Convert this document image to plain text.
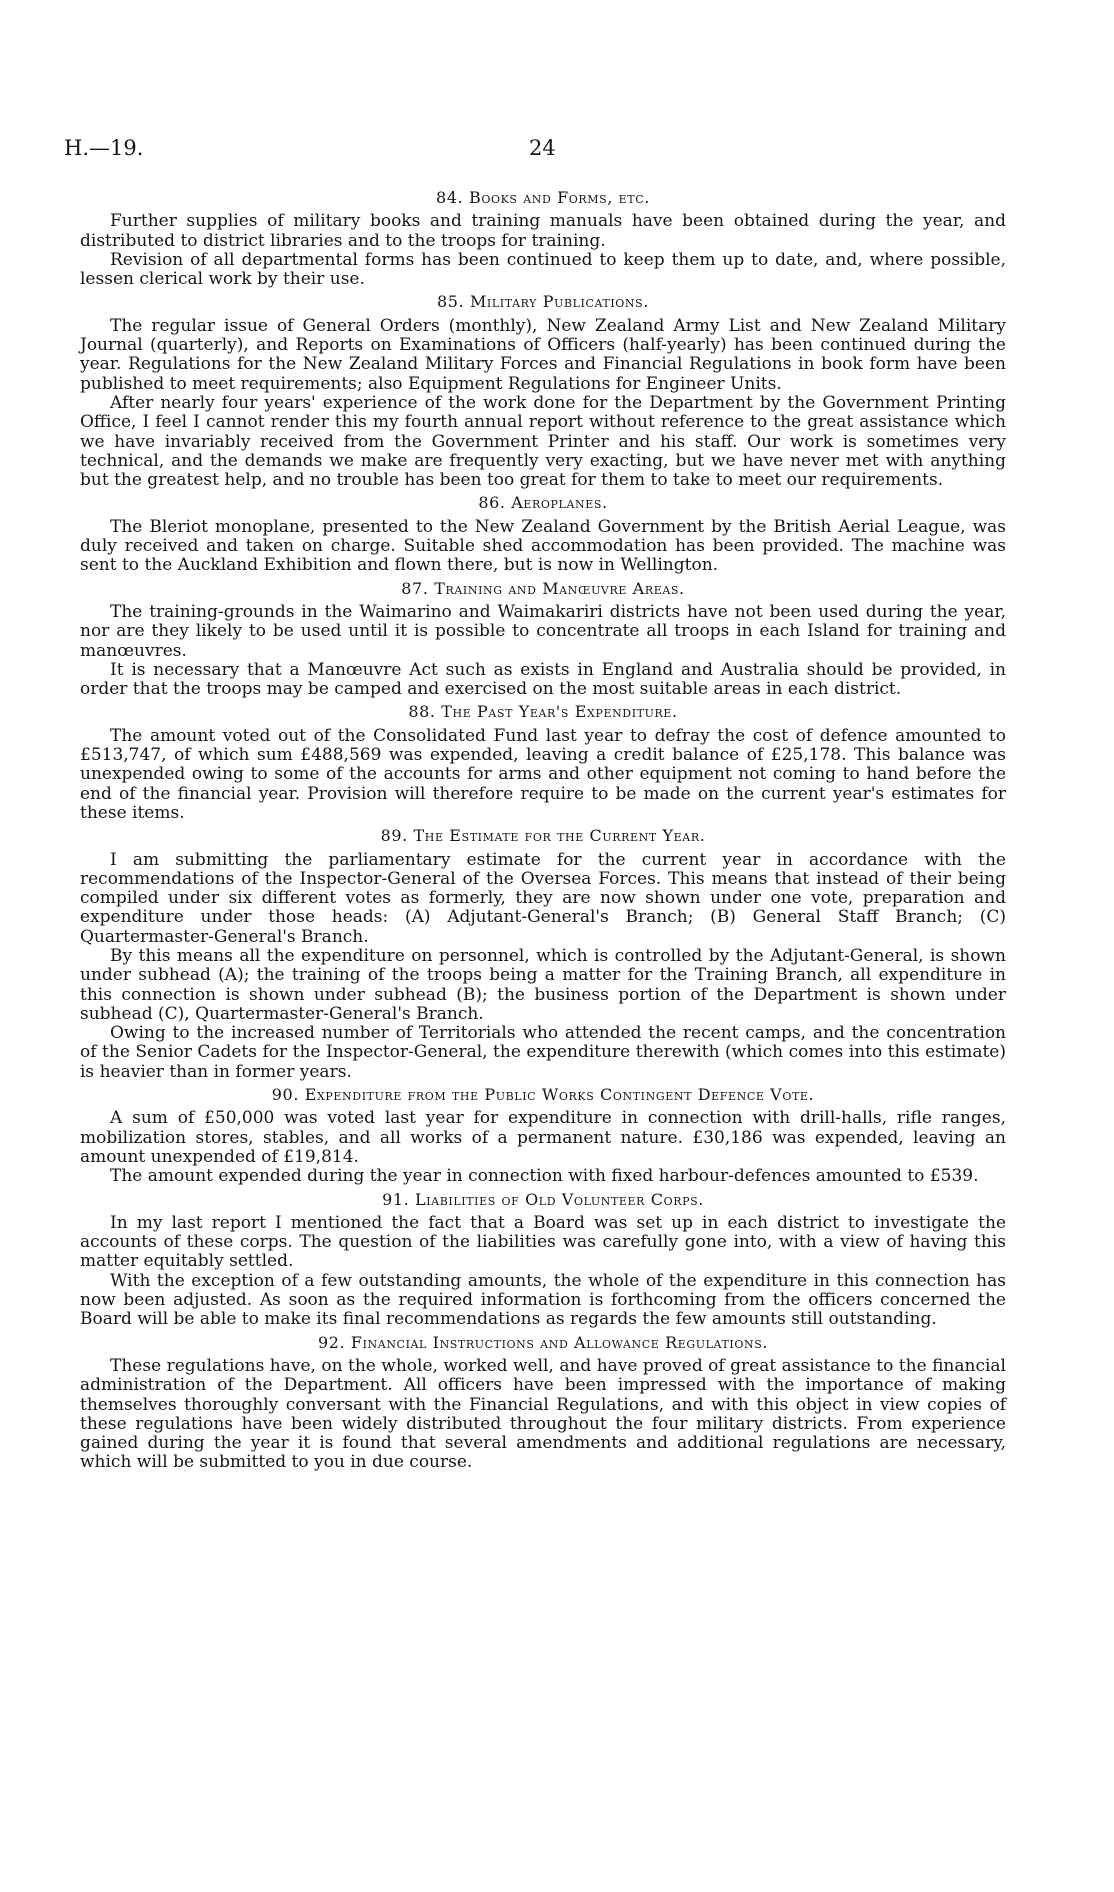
H.—19.	24
84. Books and Forms, etc.

Further supplies of military books and training manuals have been obtained during the year, and distributed to district libraries and to the troops for training.

Revision of all departmental forms has been continued to keep them up to date, and, where possible, lessen clerical work by their use.

85. Military Publications.

The regular issue of General Orders (monthly), New Zealand Army List and New Zealand Military Journal (quarterly), and Reports on Examinations of Officers (half-yearly) has been continued during the year. Regulations for the New Zealand Military Forces and Financial Regulations in book form have been published to meet requirements; also Equipment Regulations for Engineer Units.

After nearly four years' experience of the work done for the Department by the Government Printing Office, I feel I cannot render this my fourth annual report without reference to the great assistance which we have invariably received from the Government Printer and his staff. Our work is sometimes very technical, and the demands we make are frequently very exacting, but we have never met with anything but the greatest help, and no trouble has been too great for them to take to meet our requirements.

86. Aeroplanes.

The Bleriot monoplane, presented to the New Zealand Government by the British Aerial League, was duly received and taken on charge. Suitable shed accommodation has been provided. The machine was sent to the Auckland Exhibition and flown there, but is now in Wellington.

87. Training and Manœuvre Areas.

The training-grounds in the Waimarino and Waimakariri districts have not been used during the year, nor are they likely to be used until it is possible to concentrate all troops in each Island for training and manœuvres.

It is necessary that a Manœuvre Act such as exists in England and Australia should be provided, in order that the troops may be camped and exercised on the most suitable areas in each district.

88. The Past Year's Expenditure.

The amount voted out of the Consolidated Fund last year to defray the cost of defence amounted to £513,747, of which sum £488,569 was expended, leaving a credit balance of £25,178. This balance was unexpended owing to some of the accounts for arms and other equipment not coming to hand before the end of the financial year. Provision will therefore require to be made on the current year's estimates for these items.

89. The Estimate for the Current Year.

I am submitting the parliamentary estimate for the current year in accordance with the recommendations of the Inspector-General of the Oversea Forces. This means that instead of their being compiled under six different votes as formerly, they are now shown under one vote, preparation and expenditure under those heads: (A) Adjutant-General's Branch; (B) General Staff Branch; (C) Quartermaster-General's Branch.

By this means all the expenditure on personnel, which is controlled by the Adjutant-General, is shown under subhead (A); the training of the troops being a matter for the Training Branch, all expenditure in this connection is shown under subhead (B); the business portion of the Department is shown under subhead (C), Quartermaster-General's Branch.

Owing to the increased number of Territorials who attended the recent camps, and the concentration of the Senior Cadets for the Inspector-General, the expenditure therewith (which comes into this estimate) is heavier than in former years.

90. Expenditure from the Public Works Contingent Defence Vote.

A sum of £50,000 was voted last year for expenditure in connection with drill-halls, rifle ranges, mobilization stores, stables, and all works of a permanent nature. £30,186 was expended, leaving an amount unexpended of £19,814.

The amount expended during the year in connection with fixed harbour-defences amounted to £539.

91. Liabilities of Old Volunteer Corps.

In my last report I mentioned the fact that a Board was set up in each district to investigate the accounts of these corps. The question of the liabilities was carefully gone into, with a view of having this matter equitably settled.

With the exception of a few outstanding amounts, the whole of the expenditure in this connection has now been adjusted. As soon as the required information is forthcoming from the officers concerned the Board will be able to make its final recommendations as regards the few amounts still outstanding.

92. Financial Instructions and Allowance Regulations.

These regulations have, on the whole, worked well, and have proved of great assistance to the financial administration of the Department. All officers have been impressed with the importance of making themselves thoroughly conversant with the Financial Regulations, and with this object in view copies of these regulations have been widely distributed throughout the four military districts. From experience gained during the year it is found that several amendments and additional regulations are necessary, which will be submitted to you in due course.
